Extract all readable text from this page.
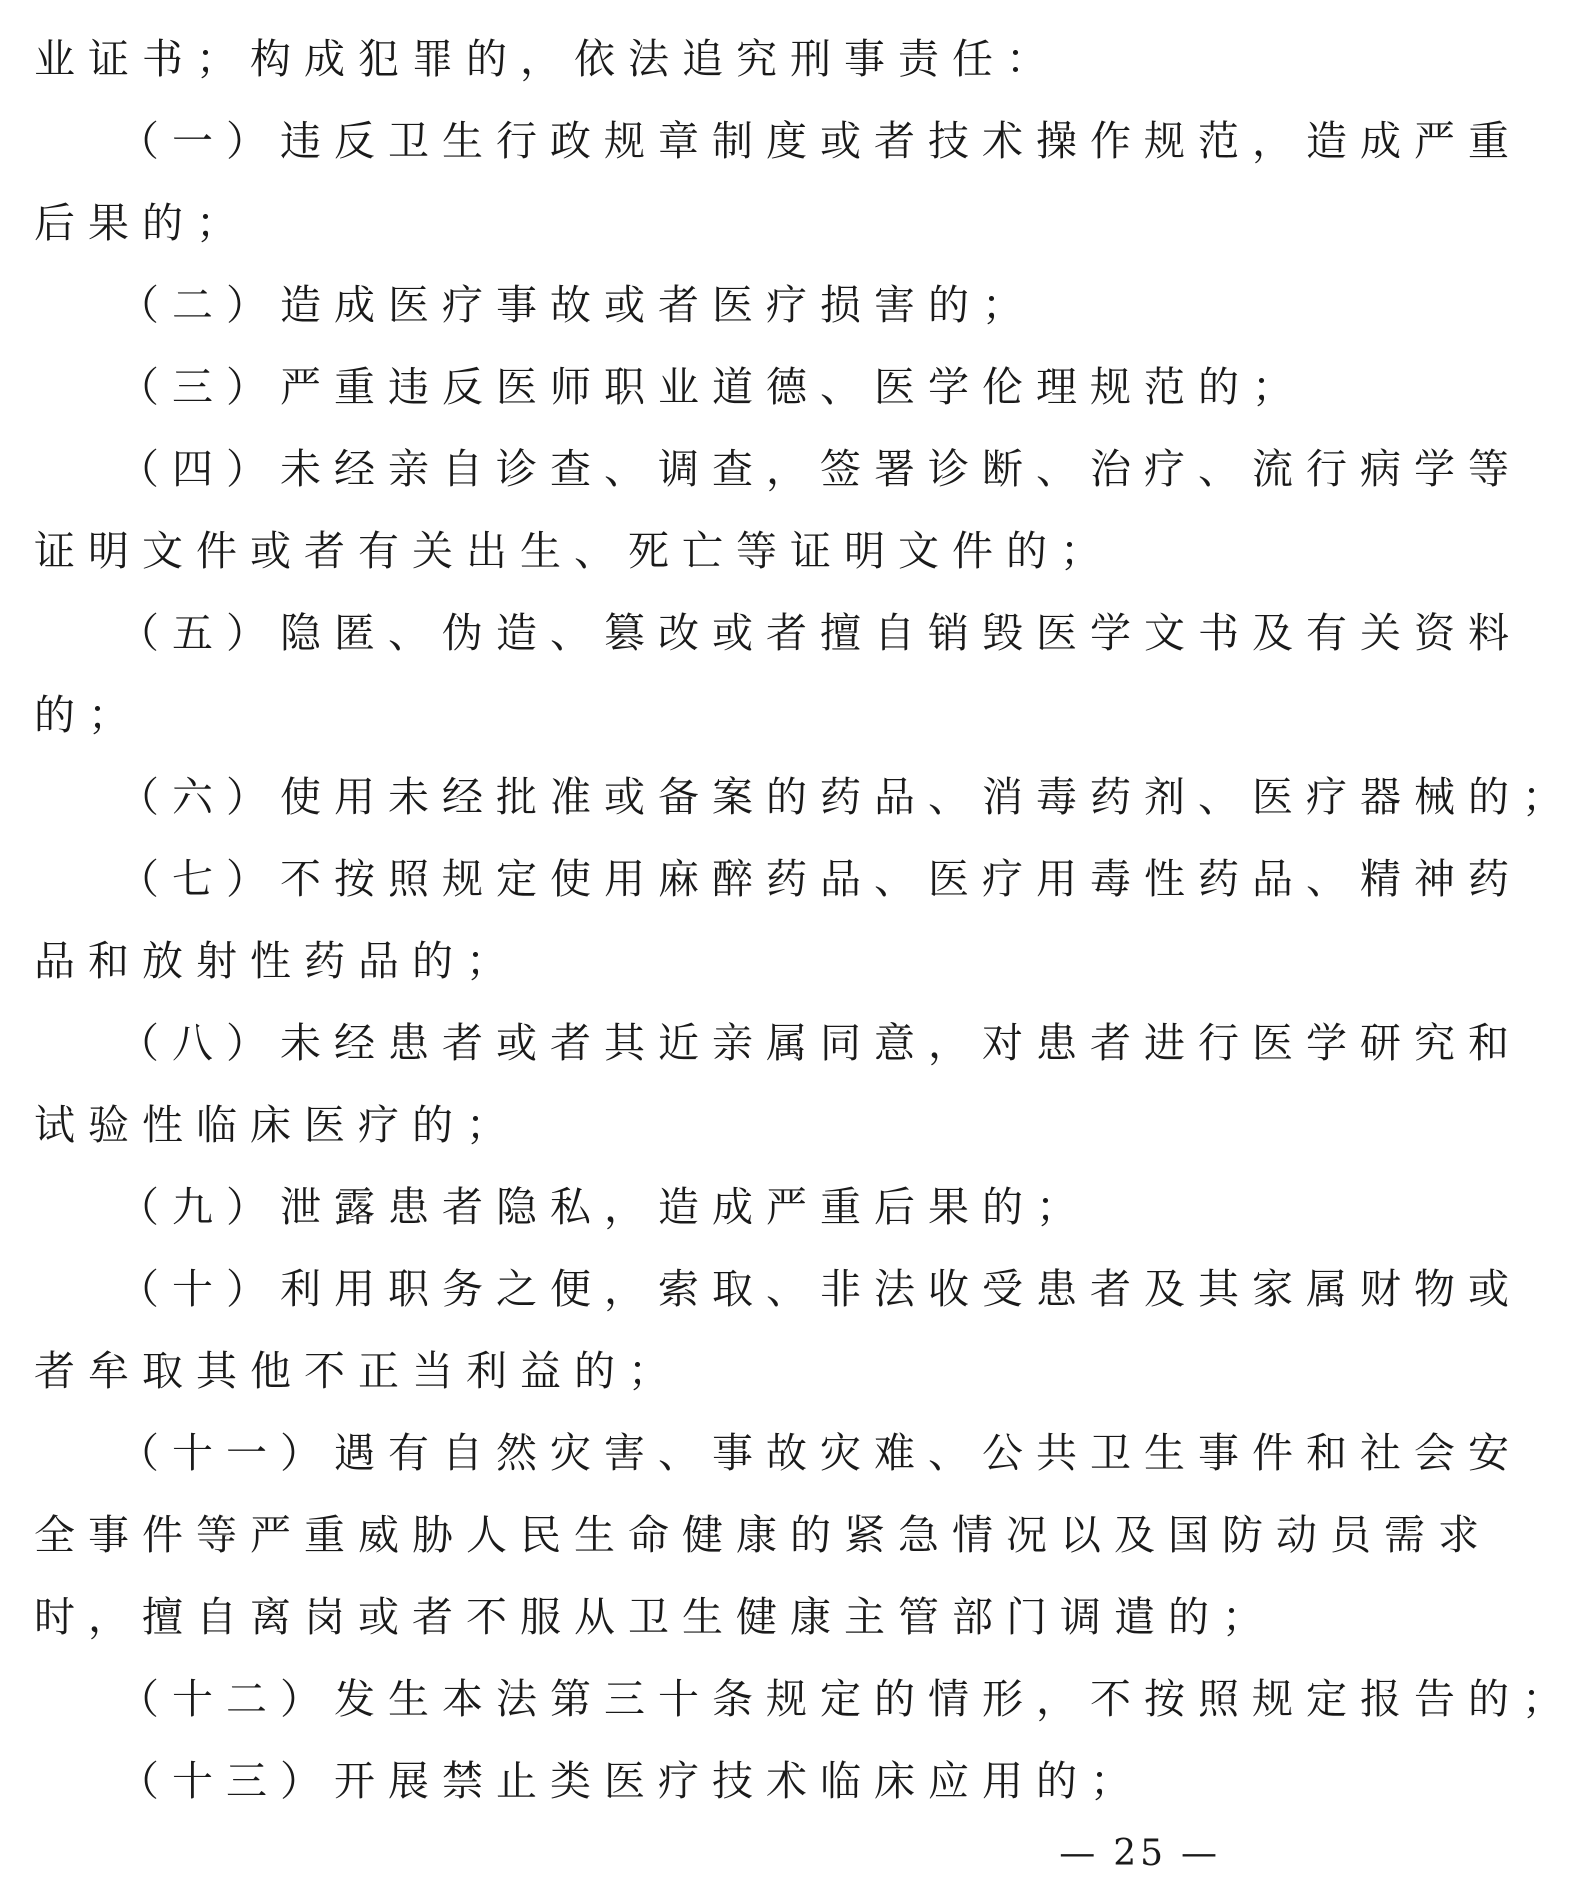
业证书；构成犯罪的，依法追究刑事责任：
（一）违反卫生行政规章制度或者技术操作规范，造成严重
后果的；
（二）造成医疗事故或者医疗损害的；
（三）严重违反医师职业道德、医学伦理规范的；
（四）未经亲自诊查、调查，签署诊断、治疗、流行病学等
证明文件或者有关出生、死亡等证明文件的；
（五）隐匿、伪造、篡改或者擅自销毁医学文书及有关资料
的；
（六）使用未经批准或备案的药品、消毒药剂、医疗器械的；
（七）不按照规定使用麻醉药品、医疗用毒性药品、精神药
品和放射性药品的；
（八）未经患者或者其近亲属同意，对患者进行医学研究和
试验性临床医疗的；
（九）泄露患者隐私，造成严重后果的；
（十）利用职务之便，索取、非法收受患者及其家属财物或
者牟取其他不正当利益的；
（十一）遇有自然灾害、事故灾难、公共卫生事件和社会安
全事件等严重威胁人民生命健康的紧急情况以及国防动员需求
时，擅自离岗或者不服从卫生健康主管部门调遣的；
（十二）发生本法第三十条规定的情形，不按照规定报告的；
（十三）开展禁止类医疗技术临床应用的；
— 25 —
